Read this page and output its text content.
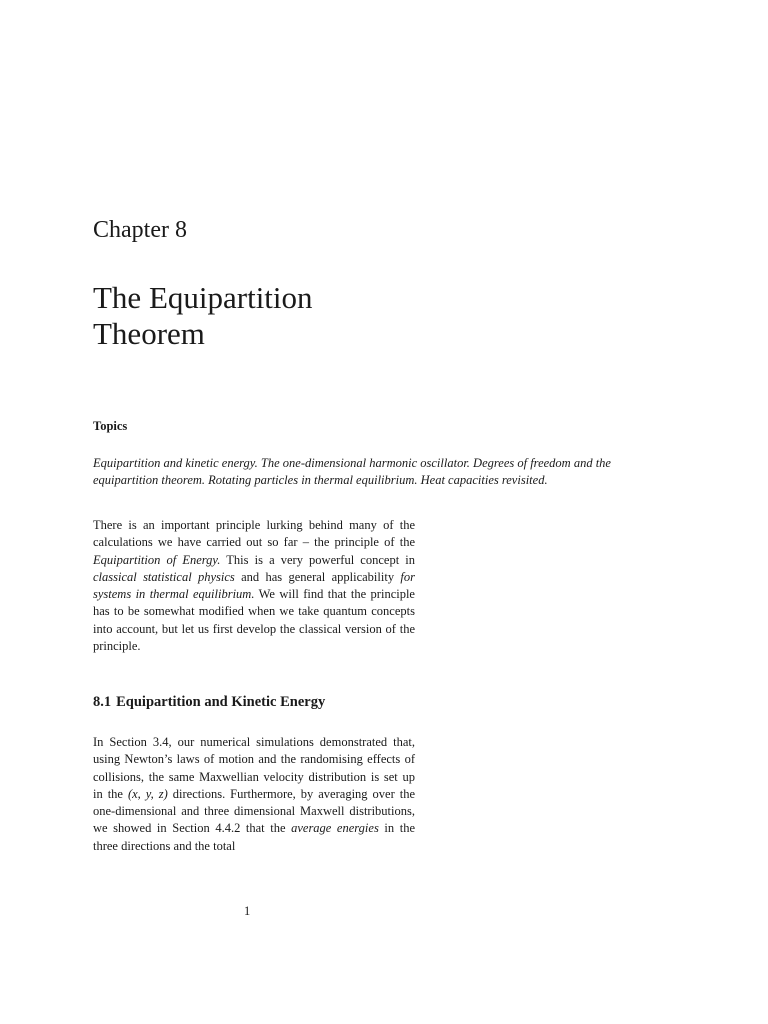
Chapter 8
The Equipartition
Theorem
Topics

Equipartition and kinetic energy. The one-dimensional harmonic oscillator. Degrees of freedom and the equipartition theorem. Rotating particles in thermal equilibrium. Heat capacities revisited.

There is an important principle lurking behind many of the calculations we have carried out so far – the principle of the Equipartition of Energy. This is a very powerful concept in classical statistical physics and has general applicability for systems in thermal equilibrium. We will find that the principle has to be somewhat modified when we take quantum concepts into account, but let us first develop the classical version of the principle.

8.1 Equipartition and Kinetic Energy

In Section 3.4, our numerical simulations demonstrated that, using Newton’s laws of motion and the randomising effects of collisions, the same Maxwellian velocity distribution is set up in the (x, y, z) directions. Furthermore, by averaging over the one-dimensional and three dimensional Maxwell distributions, we showed in Section 4.4.2 that the average energies in the three directions and the total

1
